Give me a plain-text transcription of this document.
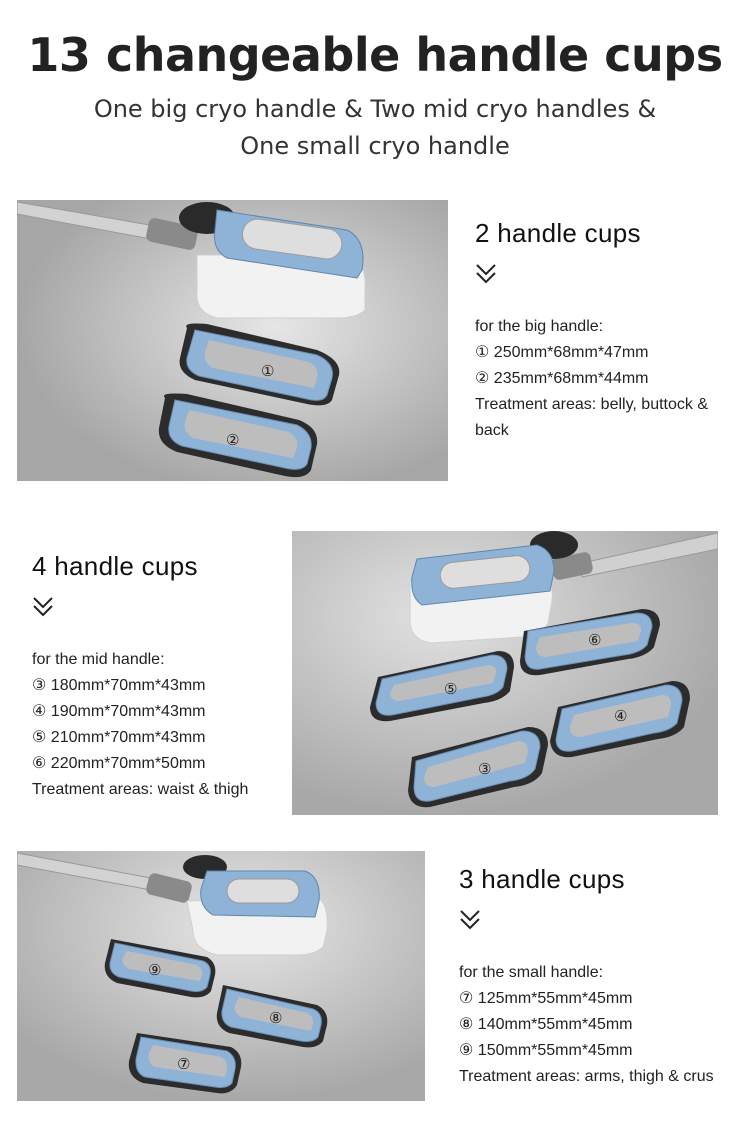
13 changeable handle cups
One big cryo handle & Two mid cryo handles &
One small cryo handle
①
②
2 handle cups
for the big handle:
① 250mm*68mm*47mm
② 235mm*68mm*44mm
Treatment areas: belly, buttock & back
4 handle cups
for the mid handle:
③ 180mm*70mm*43mm
④ 190mm*70mm*43mm
⑤ 210mm*70mm*43mm
⑥ 220mm*70mm*50mm
Treatment areas: waist & thigh
⑥
⑤
④
③
⑨
⑧
⑦
3 handle cups
for the small handle:
⑦ 125mm*55mm*45mm
⑧ 140mm*55mm*45mm
⑨ 150mm*55mm*45mm
Treatment areas: arms, thigh & crus
